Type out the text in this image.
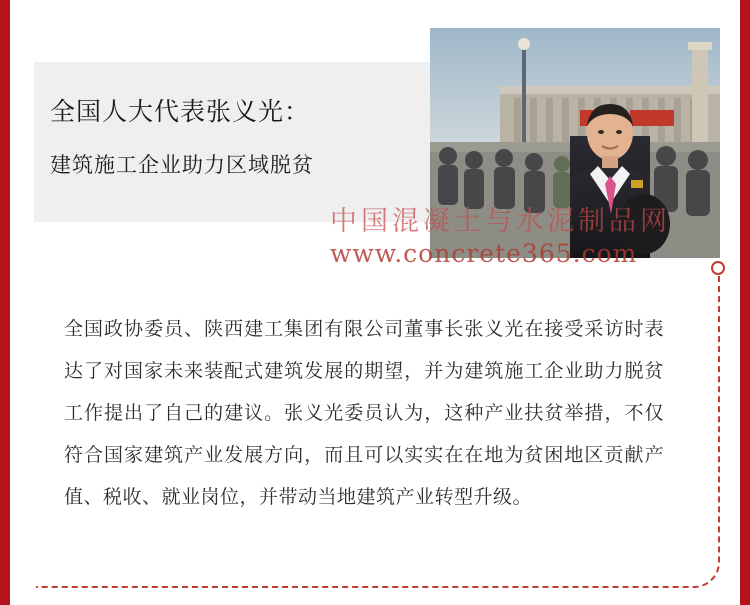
全国人大代表张义光：
建筑施工企业助力区域脱贫
中国混凝土与水泥制品网
www.concrete365.com
全国政协委员、陕西建工集团有限公司董事长张义光在接受采访时表达了对国家未来装配式建筑发展的期望，并为建筑施工企业助力脱贫工作提出了自己的建议。张义光委员认为，这种产业扶贫举措，不仅符合国家建筑产业发展方向，而且可以实实在在地为贫困地区贡献产值、税收、就业岗位，并带动当地建筑产业转型升级。
